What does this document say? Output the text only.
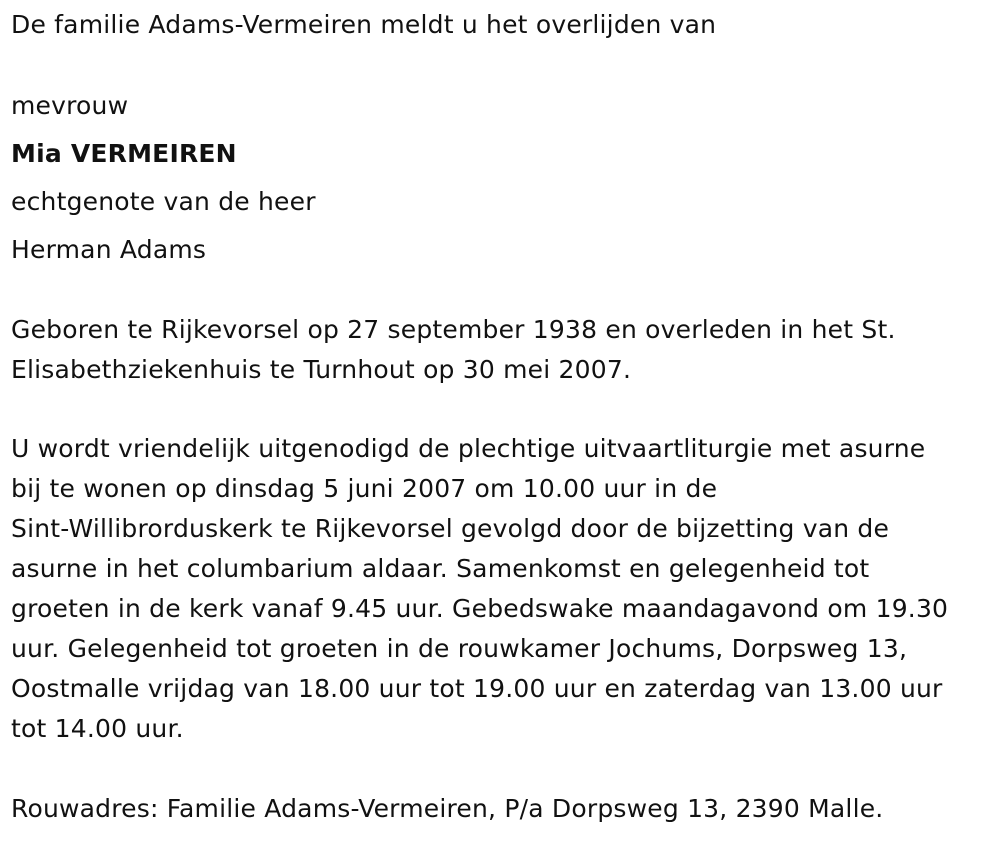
De familie Adams-Vermeiren meldt u het overlijden van
mevrouw
Mia VERMEIREN
echtgenote van de heer
Herman Adams
Geboren te Rijkevorsel op 27 september 1938 en overleden in het St.
Elisabethziekenhuis te Turnhout op 30 mei 2007.
U wordt vriendelijk uitgenodigd de plechtige uitvaartliturgie met asurne
bij te wonen op dinsdag 5 juni 2007 om 10.00 uur in de
Sint-Willibrorduskerk te Rijkevorsel gevolgd door de bijzetting van de
asurne in het columbarium aldaar. Samenkomst en gelegenheid tot
groeten in de kerk vanaf 9.45 uur. Gebedswake maandagavond om 19.30
uur. Gelegenheid tot groeten in de rouwkamer Jochums, Dorpsweg 13,
Oostmalle vrijdag van 18.00 uur tot 19.00 uur en zaterdag van 13.00 uur
tot 14.00 uur.
Rouwadres: Familie Adams-Vermeiren, P/a Dorpsweg 13, 2390 Malle.
